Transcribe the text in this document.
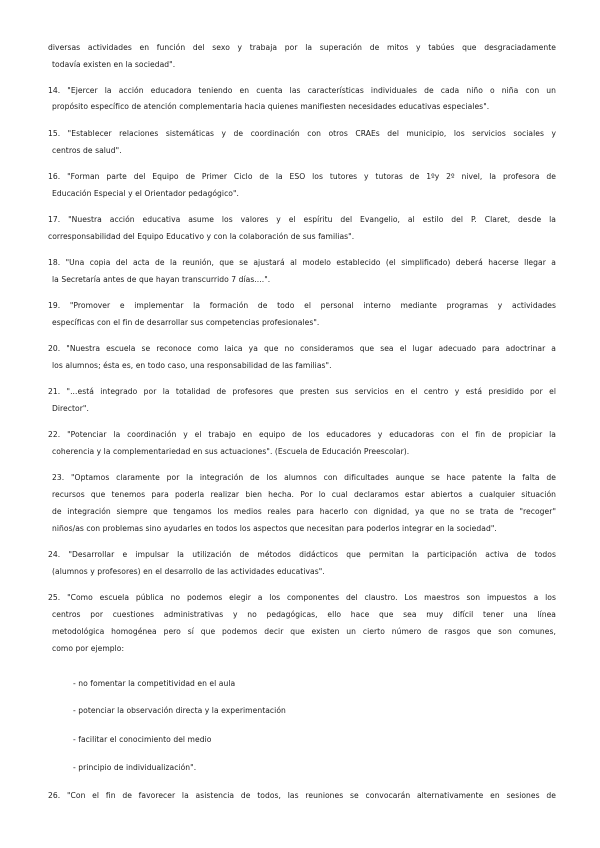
diversas actividades en función del sexo y trabaja por la superación de mitos y tabúes que desgraciadamente
todavía existen en la sociedad".
14. "Ejercer la acción educadora teniendo en cuenta las características individuales de cada niño o niña con un
propósito específico de atención complementaria hacia quienes manifiesten necesidades educativas especiales".
15. "Establecer relaciones sistemáticas y de coordinación con otros CRAEs del municipio, los servicios sociales y
centros de salud".
16. "Forman parte del Equipo de Primer Ciclo de la ESO los tutores y tutoras de 1ºy 2º nivel, la profesora de
Educación Especial y el Orientador pedagógico".
17. "Nuestra acción educativa asume los valores y el espíritu del Evangelio, al estilo del P. Claret, desde la
corresponsabilidad del Equipo Educativo y con la colaboración de sus familias".
18. "Una copia del acta de la reunión, que se ajustará al modelo establecido (el simplificado) deberá hacerse llegar a
la Secretaría antes de que hayan transcurrido 7 días....".
19. "Promover e implementar la formación de todo el personal interno mediante programas y actividades
específicas con el fin de desarrollar sus competencias profesionales".
20. "Nuestra escuela se reconoce como laica ya que no consideramos que sea el lugar adecuado para adoctrinar a
los alumnos; ésta es, en todo caso, una responsabilidad de las familias".
21. "...está integrado por la totalidad de profesores que presten sus servicios en el centro y está presidido por el
Director".
22. "Potenciar la coordinación y el trabajo en equipo de los educadores y educadoras con el fin de propiciar la
coherencia y la complementariedad en sus actuaciones". (Escuela de Educación Preescolar).
23. "Optamos claramente por la integración de los alumnos con dificultades aunque se hace patente la falta de
recursos que tenemos para poderla realizar bien hecha. Por lo cual declaramos estar abiertos a cualquier situación
de integración siempre que tengamos los medios reales para hacerlo con dignidad, ya que no se trata de "recoger"
niños/as con problemas sino ayudarles en todos los aspectos que necesitan para poderlos integrar en la sociedad".
24. "Desarrollar e impulsar la utilización de métodos didácticos que permitan la participación activa de todos
(alumnos y profesores) en el desarrollo de las actividades educativas".
25. "Como escuela pública no podemos elegir a los componentes del claustro. Los maestros son impuestos a los
centros por cuestiones administrativas y no pedagógicas, ello hace que sea muy difícil tener una línea
metodológica homogénea pero sí que podemos decir que existen un cierto número de rasgos que son comunes,
como por ejemplo:
- no fomentar la competitividad en el aula
- potenciar la observación directa y la experimentación
- facilitar el conocimiento del medio
- principio de individualización".
26. "Con el fin de favorecer la asistencia de todos, las reuniones se convocarán alternativamente en sesiones de
